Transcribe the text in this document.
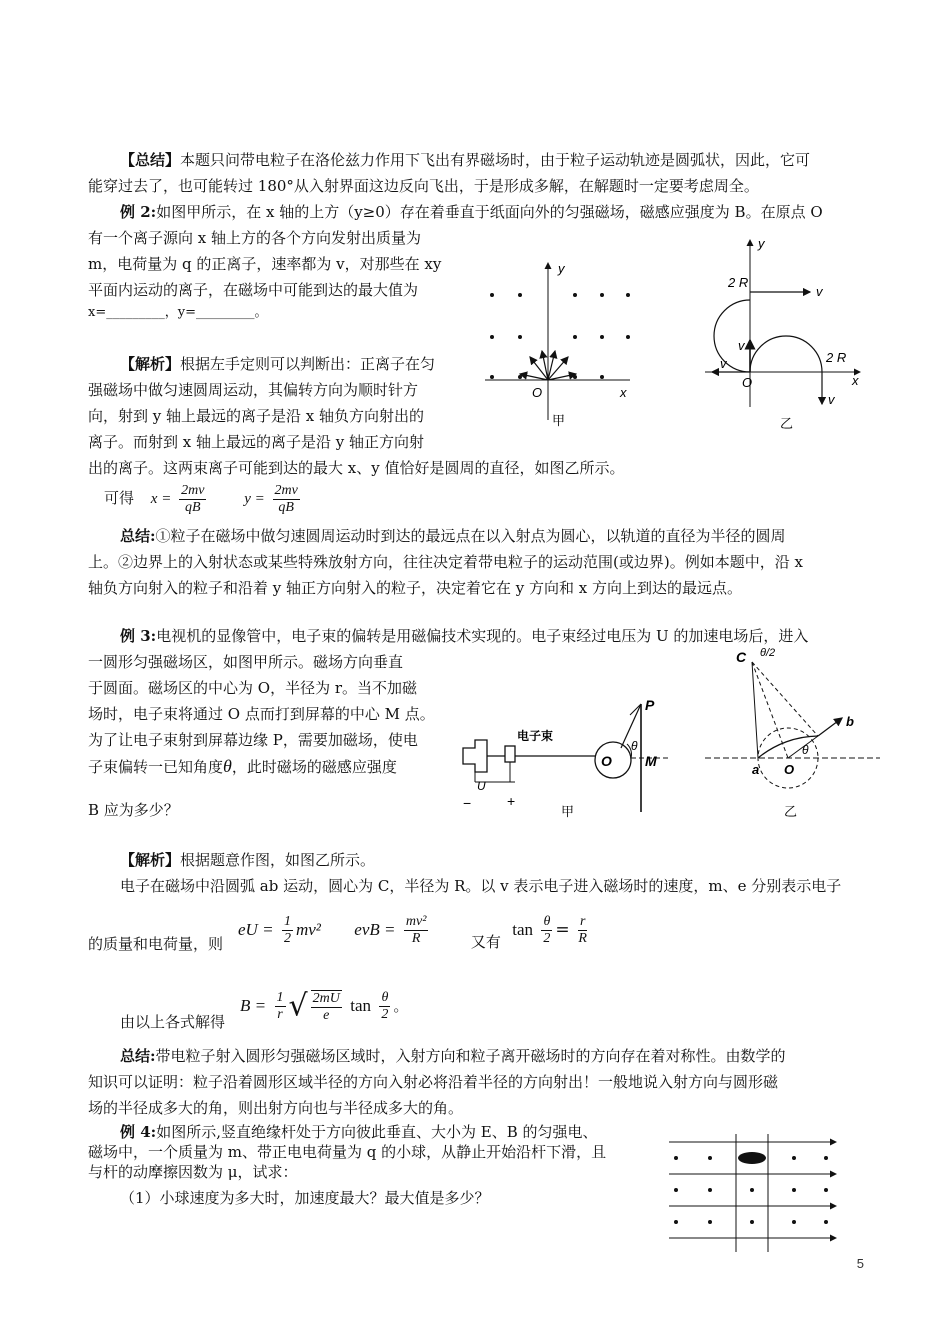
【总结】本题只问带电粒子在洛伦兹力作用下飞出有界磁场时，由于粒子运动轨迹是圆弧状，因此，它可
能穿过去了，也可能转过 180°从入射界面这边反向飞出，于是形成多解，在解题时一定要考虑周全。
例 2:如图甲所示，在 x 轴的上方（y≥0）存在着垂直于纸面向外的匀强磁场，磁感应强度为 B。在原点 O
有一个离子源向 x 轴上方的各个方向发射出质量为
m，电荷量为 q 的正离子，速率都为 v，对那些在 xy
平面内运动的离子，在磁场中可能到达的最大值为
x=_________，y=_________。
【解析】根据左手定则可以判断出：正离子在匀
强磁场中做匀速圆周运动，其偏转方向为顺时针方
向，射到 y 轴上最远的离子是沿 x 轴负方向射出的
离子。而射到 x 轴上最远的离子是沿 y 轴正方向射
出的离子。这两束离子可能到达的最大 x、y 值恰好是圆周的直径，如图乙所示。
可得 $x = \frac{2mv}{qB}$	$y = \frac{2mv}{qB}$
总结:①粒子在磁场中做匀速圆周运动时到达的最远点在以入射点为圆心，以轨道的直径为半径的圆周
上。②边界上的入射状态或某些特殊放射方向，往往决定着带电粒子的运动范围(或边界)。例如本题中，沿 x
轴负方向射入的粒子和沿着 y 轴正方向射入的粒子，决定着它在 y 方向和 x 方向上到达的最远点。
y
x
O
甲
y
x
O
2 R
2 R
v
v
v
v
乙
例 3:电视机的显像管中，电子束的偏转是用磁偏技术实现的。电子束经过电压为 U 的加速电场后，进入
一圆形匀强磁场区，如图甲所示。磁场方向垂直
于圆面。磁场区的中心为 O，半径为 r。当不加磁
场时，电子束将通过 O 点而打到屏幕的中心 M 点。
为了让电子束射到屏幕边缘 P，需要加磁场，使电
子束偏转一已知角度θ，此时磁场的磁感应强度
B 应为多少？
U
−	+
电子束
O
θ
P
M
甲
C θ/2
b
a O
θ
乙
【解析】根据题意作图，如图乙所示。
电子在磁场中沿圆弧 ab 运动，圆心为 C，半径为 R。以 v 表示电子进入磁场时的速度，m、e 分别表示电子
的质量和电荷量，则
eU = $\frac{1}{2} mv^2$ evB = $\frac{\text{mv²}}{R}$	又有 $\tan \frac{\theta}{2} = \frac{r}{R}$
由以上各式解得
$B = \frac{1}{r}$ √ $\frac{2mU}{e}$ $\tan \frac{\theta}{2}$ 。
总结:带电粒子射入圆形匀强磁场区域时，入射方向和粒子离开磁场时的方向存在着对称性。由数学的
知识可以证明：粒子沿着圆形区域半径的方向入射必将沿着半径的方向射出！一般地说入射方向与圆形磁
场的半径成多大的角，则出射方向也与半径成多大的角。
例 4:如图所示,竖直绝缘杆处于方向彼此垂直、大小为 E、B 的匀强电、
磁场中，一个质量为 m、带正电电荷量为 q 的小球，从静止开始沿杆下滑，且
与杆的动摩擦因数为 μ，试求：
（1）小球速度为多大时，加速度最大？最大值是多少？
5
